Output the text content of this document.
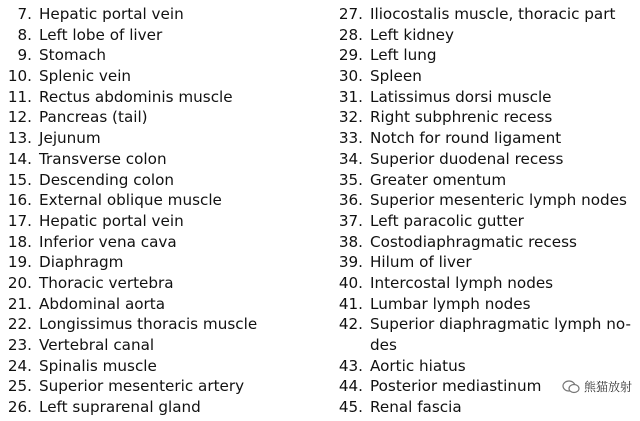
7. Hepatic portal vein
8. Left lobe of liver
9. Stomach
10. Splenic vein
11. Rectus abdominis muscle
12. Pancreas (tail)
13. Jejunum
14. Transverse colon
15. Descending colon
16. External oblique muscle
17. Hepatic portal vein
18. Inferior vena cava
19. Diaphragm
20. Thoracic vertebra
21. Abdominal aorta
22. Longissimus thoracis muscle
23. Vertebral canal
24. Spinalis muscle
25. Superior mesenteric artery
26. Left suprarenal gland
27. Iliocostalis muscle, thoracic part
28. Left kidney
29. Left lung
30. Spleen
31. Latissimus dorsi muscle
32. Right subphrenic recess
33. Notch for round ligament
34. Superior duodenal recess
35. Greater omentum
36. Superior mesenteric lymph nodes
37. Left paracolic gutter
38. Costodiaphragmatic recess
39. Hilum of liver
40. Intercostal lymph nodes
41. Lumbar lymph nodes
42. Superior diaphragmatic lymph no-
des
43. Aortic hiatus
44. Posterior mediastinum
45. Renal fascia
熊猫放射
